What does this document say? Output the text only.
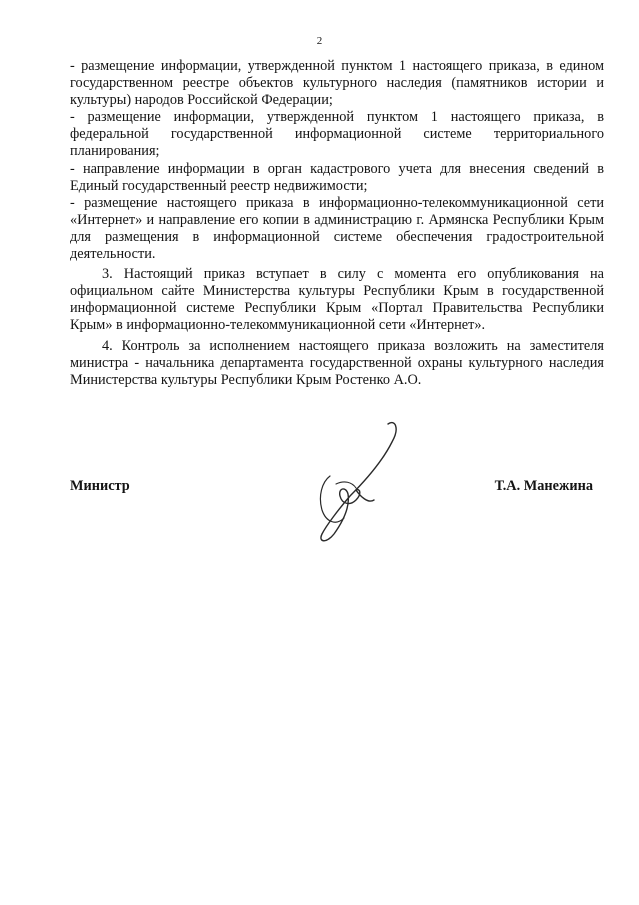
2

- размещение информации, утвержденной пунктом 1 настоящего приказа, в едином государственном реестре объектов культурного наследия (памятников истории и культуры) народов Российской Федерации;

- размещение информации, утвержденной пунктом 1 настоящего приказа, в федеральной государственной информационной системе территориального планирования;

- направление информации в орган кадастрового учета для внесения сведений в Единый государственный реестр недвижимости;

- размещение настоящего приказа в информационно-телекоммуникационной сети «Интернет» и направление его копии в администрацию г. Армянска Республики Крым для размещения в информационной системе обеспечения градостроительной деятельности.

3. Настоящий приказ вступает в силу с момента его опубликования на официальном сайте Министерства культуры Республики Крым в государственной информационной системе Республики Крым «Портал Правительства Республики Крым» в информационно-телекоммуникационной сети «Интернет».

4. Контроль за исполнением настоящего приказа возложить на заместителя министра - начальника департамента государственной охраны культурного наследия Министерства культуры Республики Крым Ростенко А.О.

Министр	Т.А. Манежина
